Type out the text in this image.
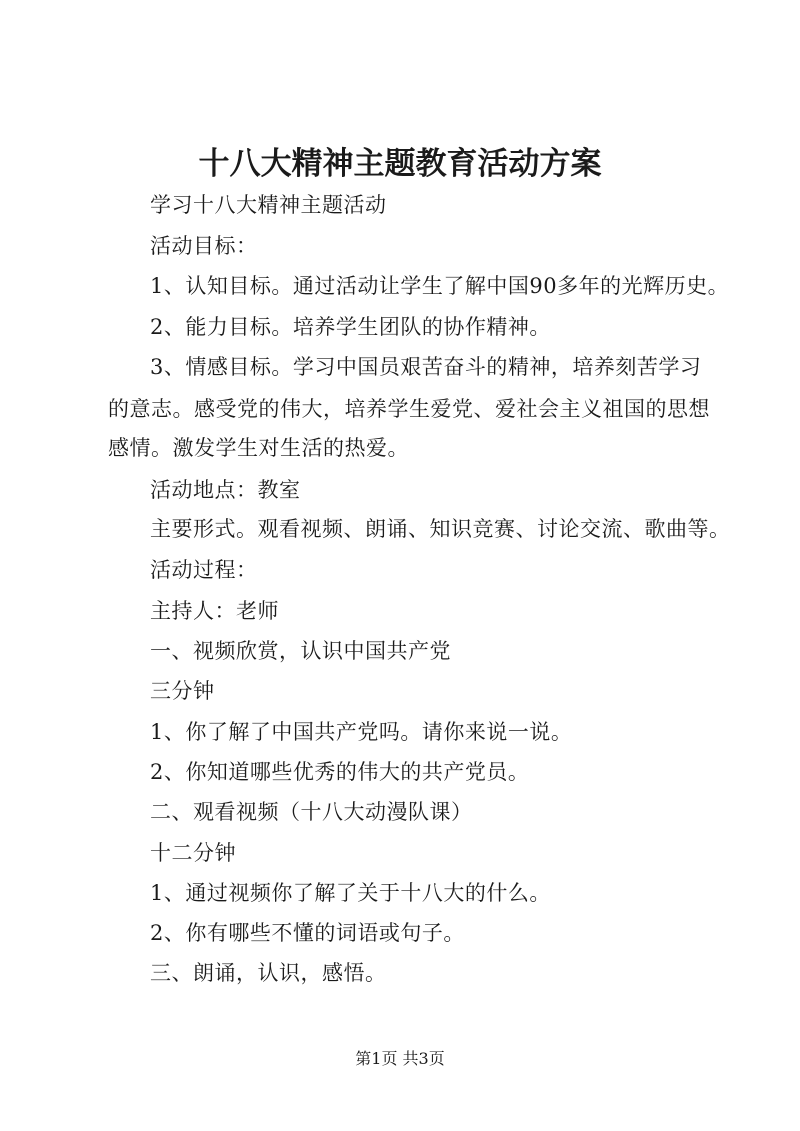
十八大精神主题教育活动方案
学习十八大精神主题活动
活动目标：
1、认知目标。通过活动让学生了解中国90多年的光辉历史。
2、能力目标。培养学生团队的协作精神。
3、情感目标。学习中国员艰苦奋斗的精神，培养刻苦学习
的意志。感受党的伟大，培养学生爱党、爱社会主义祖国的思想
感情。激发学生对生活的热爱。
活动地点：教室
主要形式。观看视频、朗诵、知识竞赛、讨论交流、歌曲等。
活动过程：
主持人：老师
一、视频欣赏，认识中国共产党
三分钟
1、你了解了中国共产党吗。请你来说一说。
2、你知道哪些优秀的伟大的共产党员。
二、观看视频（十八大动漫队课）
十二分钟
1、通过视频你了解了关于十八大的什么。
2、你有哪些不懂的词语或句子。
三、朗诵，认识，感悟。
第1页 共3页
